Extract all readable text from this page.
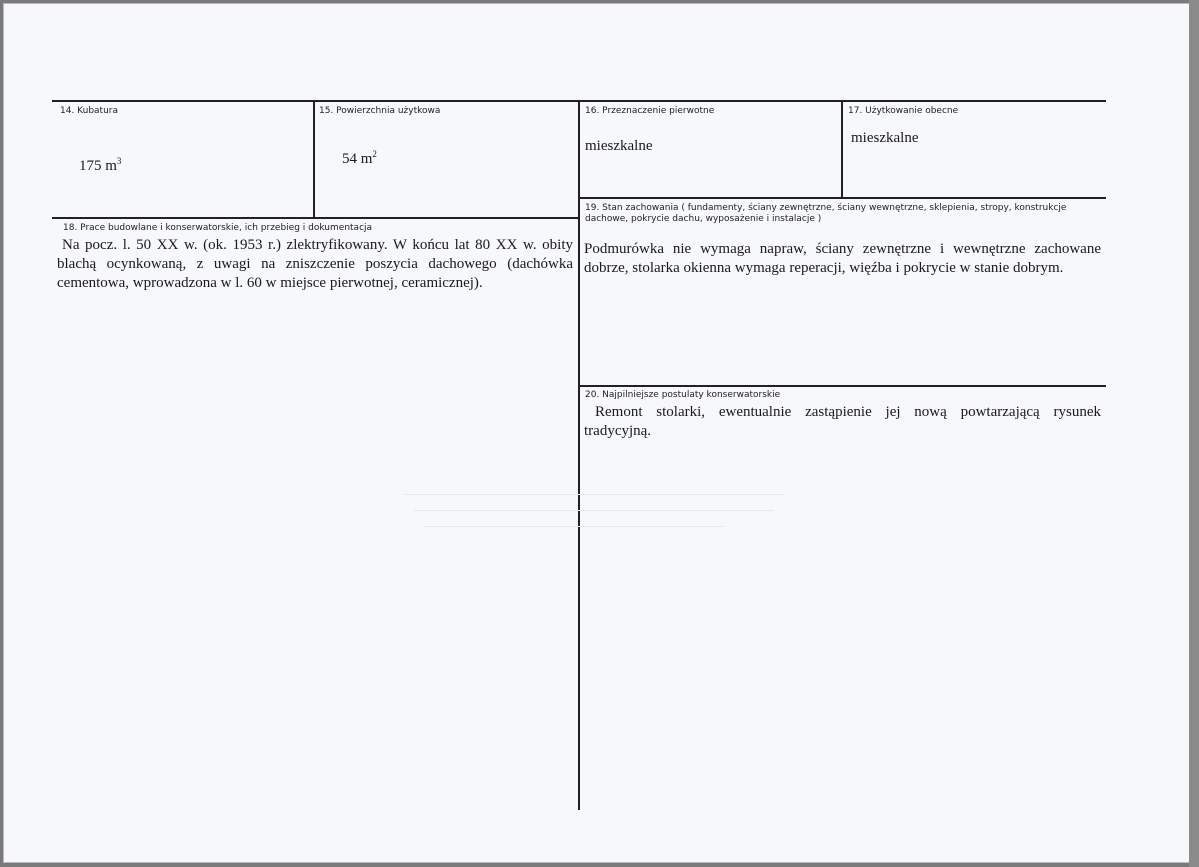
14. Kubatura
175 $m^3$
15. Powierzchnia użytkowa
54 $m^2$
16. Przeznaczenie pierwotne
mieszkalne
17. Użytkowanie obecne
mieszkalne
18. Prace budowlane i konserwatorskie, ich przebieg i dokumentacja
Na pocz. l. 50 XX w. (ok. 1953 r.) zlektryfikowany. W końcu lat 80 XX w. obity blachą ocynkowaną, z uwagi na zniszczenie poszycia dachowego (dachówka cementowa, wprowadzona w l. 60 w miejsce pierwotnej, ceramicznej).
19. Stan zachowania ( fundamenty, ściany zewnętrzne, ściany wewnętrzne, sklepienia, stropy, konstrukcje dachowe, pokrycie dachu, wyposażenie i instalacje )
Podmurówka nie wymaga napraw, ściany zewnętrzne i wewnętrzne zachowane dobrze, stolarka okienna wymaga reperacji, więźba i pokrycie w stanie dobrym.
20. Najpilniejsze postulaty konserwatorskie
Remont stolarki, ewentualnie zastąpienie jej nową powtarzającą rysunek tradycyjną.
